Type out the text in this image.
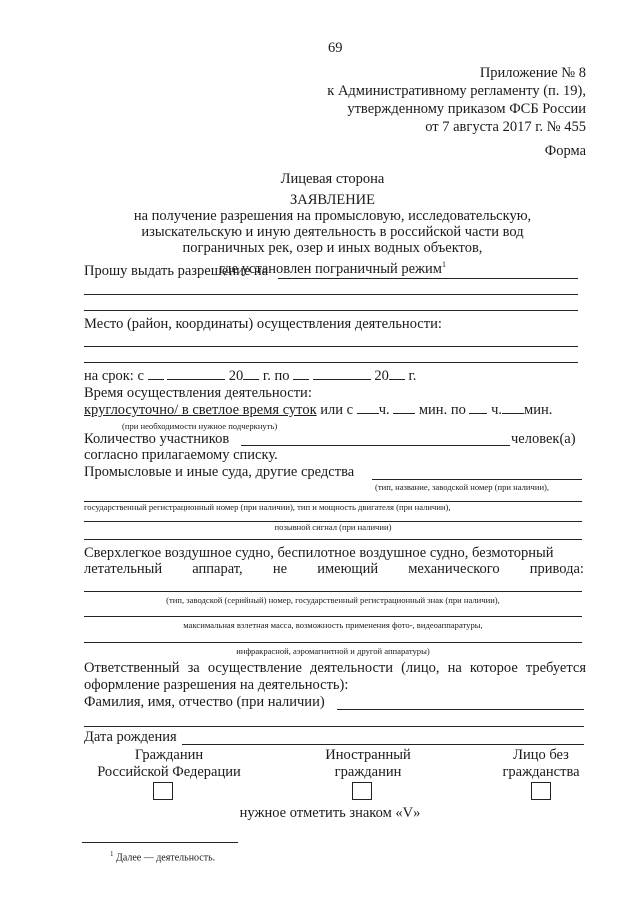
69
Приложение № 8
к Административному регламенту (п. 19),
утвержденному приказом ФСБ России
от 7 августа 2017 г. № 455
Форма
Лицевая сторона
ЗАЯВЛЕНИЕ
на получение разрешения на промысловую, исследовательскую,
изыскательскую и иную деятельность в российской части вод
пограничных рек, озер и иных водных объектов,
где установлен пограничный режим$^1$
Прошу выдать разрешение на
Место (район, координаты) осуществления деятельности:
на срок: с	20 г. по	20 г.
Время осуществления деятельности:
круглосуточно/ в светлое время суток или с ч. мин. по ч. мин.
(при необходимости нужное подчеркнуть)
Количество участников	человек(а)
согласно прилагаемому списку.
Промысловые и иные суда, другие средства
(тип, название, заводской номер (при наличии),
государственный регистрационный номер (при наличии), тип и мощность двигателя (при наличии),
позывной сигнал (при наличии)
Сверхлегкое воздушное судно, беспилотное воздушное судно, безмоторный
летательный аппарат, не имеющий механического привода:
(тип, заводской (серийный) номер, государственный регистрационный знак (при наличии),
максимальная взлетная масса, возможность применения фото-, видеоаппаратуры,
инфракрасной, аэромагнитной и другой аппаратуры)
Ответственный за осуществление деятельности (лицо, на которое требуется
оформление разрешения на деятельность):
Фамилия, имя, отчество (при наличии)
Дата рождения
Гражданин
Российской Федерации
Иностранный
гражданин
Лицо без
гражданства
нужное отметить знаком «V»
$^1$ Далее — деятельность.
